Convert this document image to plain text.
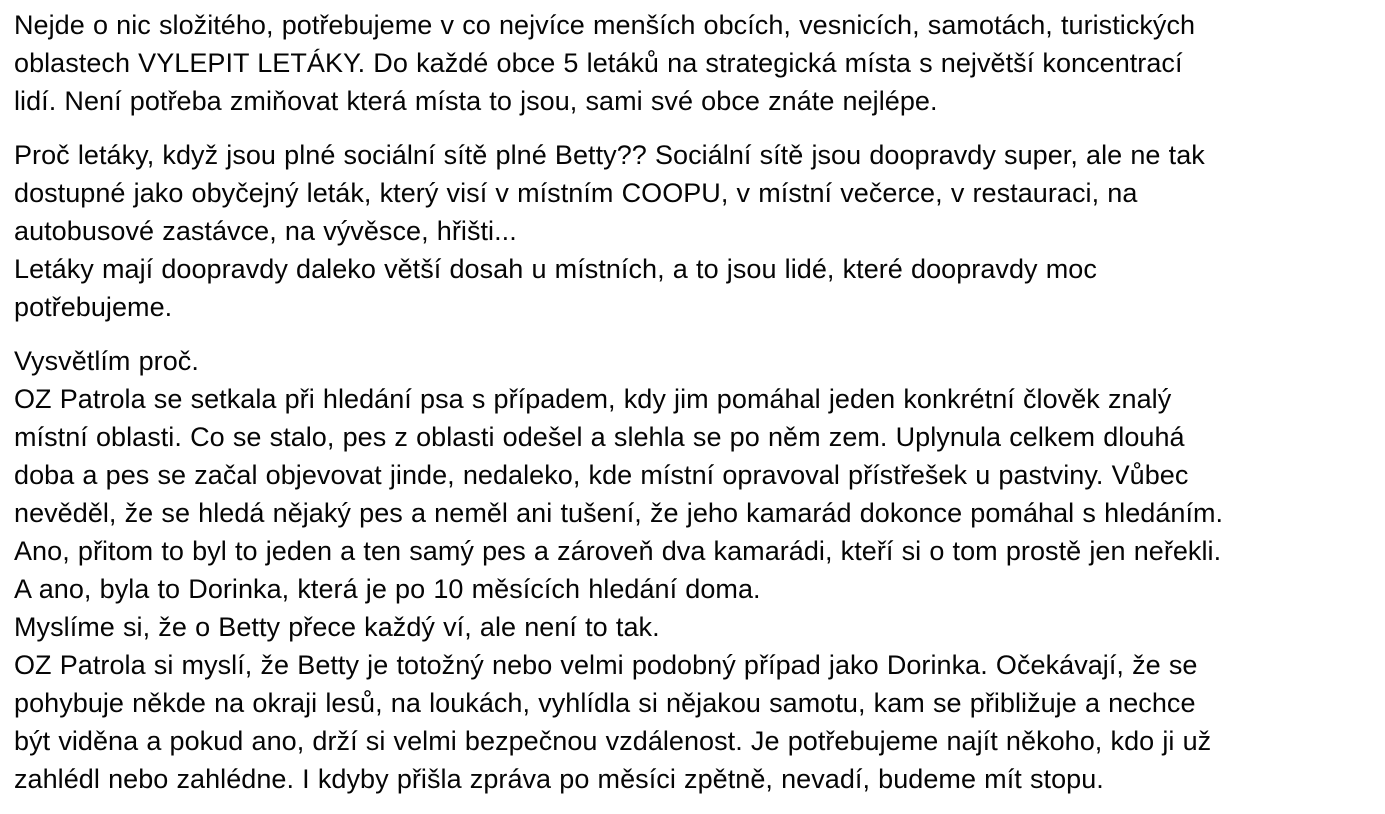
Nejde o nic složitého, potřebujeme v co nejvíce menších obcích, vesnicích, samotách, turistických
oblastech VYLEPIT LETÁKY. Do každé obce 5 letáků na strategická místa s největší koncentrací
lidí. Není potřeba zmiňovat která místa to jsou, sami své obce znáte nejlépe.
Proč letáky, když jsou plné sociální sítě plné Betty?? Sociální sítě jsou doopravdy super, ale ne tak
dostupné jako obyčejný leták, který visí v místním COOPU, v místní večerce, v restauraci, na
autobusové zastávce, na vývěsce, hřišti...
Letáky mají doopravdy daleko větší dosah u místních, a to jsou lidé, které doopravdy moc
potřebujeme.
Vysvětlím proč.
OZ Patrola se setkala při hledání psa s případem, kdy jim pomáhal jeden konkrétní člověk znalý
místní oblasti. Co se stalo, pes z oblasti odešel a slehla se po něm zem. Uplynula celkem dlouhá
doba a pes se začal objevovat jinde, nedaleko, kde místní opravoval přístřešek u pastviny. Vůbec
nevěděl, že se hledá nějaký pes a neměl ani tušení, že jeho kamarád dokonce pomáhal s hledáním.
Ano, přitom to byl to jeden a ten samý pes a zároveň dva kamarádi, kteří si o tom prostě jen neřekli.
A ano, byla to Dorinka, která je po 10 měsících hledání doma.
Myslíme si, že o Betty přece každý ví, ale není to tak.
OZ Patrola si myslí, že Betty je totožný nebo velmi podobný případ jako Dorinka. Očekávají, že se
pohybuje někde na okraji lesů, na loukách, vyhlídla si nějakou samotu, kam se přibližuje a nechce
být viděna a pokud ano, drží si velmi bezpečnou vzdálenost. Je potřebujeme najít někoho, kdo ji už
zahlédl nebo zahlédne. I kdyby přišla zpráva po měsíci zpětně, nevadí, budeme mít stopu.
